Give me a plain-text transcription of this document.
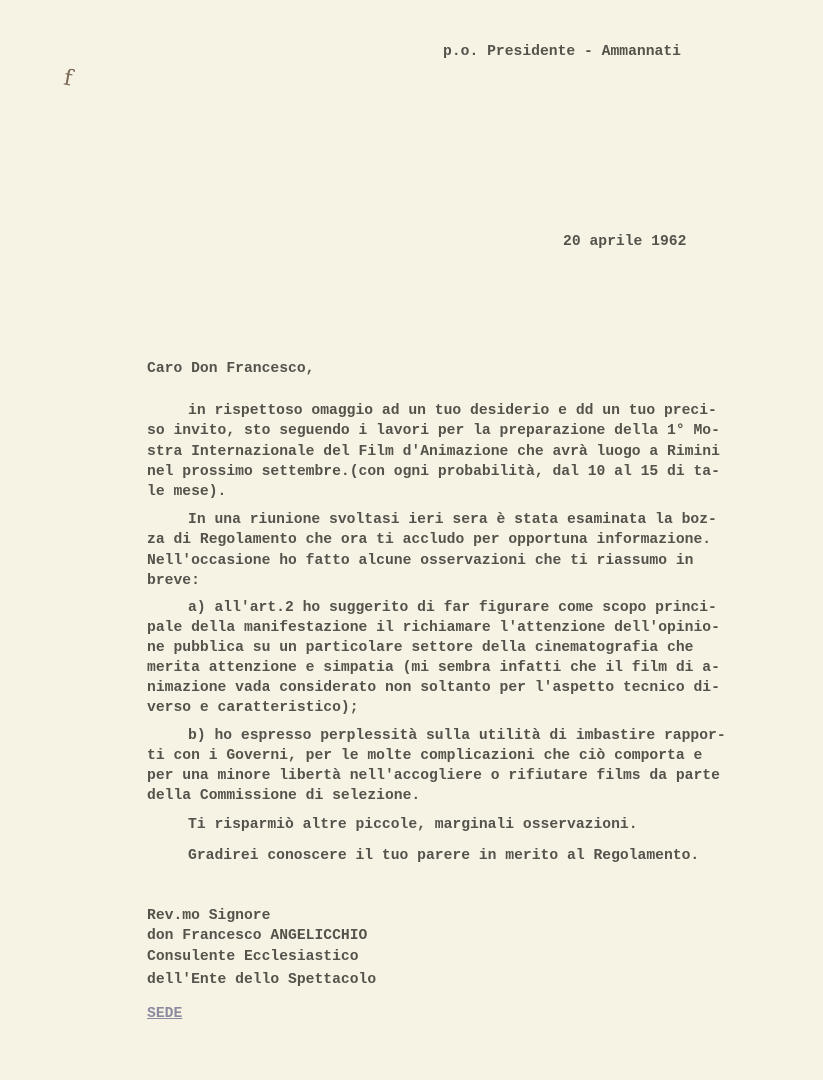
f
p.o. Presidente - Ammannati
20 aprile 1962
Caro Don Francesco,
in rispettoso omaggio ad un tuo desiderio e dd un tuo preci-
so invito, sto seguendo i lavori per la preparazione della 1° Mo-
stra Internazionale del Film d'Animazione che avrà luogo a Rimini
nel prossimo settembre.(con ogni probabilità, dal 10 al 15 di ta-
le mese).
In una riunione svoltasi ieri sera è stata esaminata la boz-
za di Regolamento che ora ti accludo per opportuna informazione.
Nell'occasione ho fatto alcune osservazioni che ti riassumo in
breve:
a) all'art.2 ho suggerito di far figurare come scopo princi-
pale della manifestazione il richiamare l'attenzione dell'opinio-
ne pubblica su un particolare settore della cinematografia che
merita attenzione e simpatia (mi sembra infatti che il film di a-
nimazione vada considerato non soltanto per l'aspetto tecnico di-
verso e caratteristico);
b) ho espresso perplessità sulla utilità di imbastire rappor-
ti con i Governi, per le molte complicazioni che ciò comporta e
per una minore libertà nell'accogliere o rifiutare films da parte
della Commissione di selezione.
Ti risparmiò altre piccole, marginali osservazioni.
Gradirei conoscere il tuo parere in merito al Regolamento.
Rev.mo Signore
don Francesco ANGELICCHIO
Consulente Ecclesiastico
dell'Ente dello Spettacolo
SEDE
